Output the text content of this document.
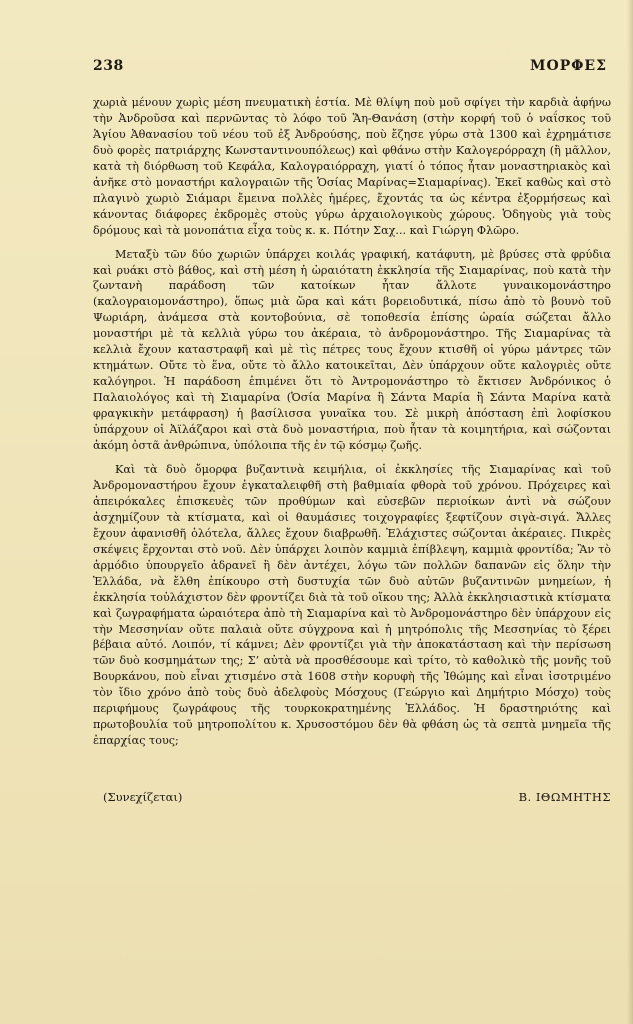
238	ΜΟΡΦΕΣ

χωριὰ μένουν χωρὶς μέση πνευματικὴ ἑστία. Μὲ θλίψη ποὺ μοῦ σφίγει τὴν καρδιὰ ἀφήνω τὴν Ἀνδροῦσα καὶ περνῶντας τὸ λόφο τοῦ Ἅη-Θανάση (στὴν κορφή τοῦ ὁ ναΐσκος τοῦ Ἁγίου Ἀθανασίου τοῦ νέου τοῦ ἐξ Ἀνδρούσης, ποὺ ἔζησε γύρω στὰ 1300 καὶ ἐχρημάτισε δυὸ φορὲς πατριάρχης Κωνσταντινουπόλεως) καὶ φθάνω στὴν Καλογερόρραχη (ἢ μᾶλλον, κατὰ τὴ διόρθωση τοῦ Κεφάλα, Καλογραιόρραχη, γιατί ὁ τόπος ἦταν μοναστηριακὸς καὶ ἀνῆκε στὸ μοναστήρι καλογραιῶν τῆς Ὁσίας Μαρίνας=Σιαμαρίνας). Ἐκεῖ καθὼς καὶ στὸ πλαγινὸ χωριὸ Σιάμαρι ἔμεινα πολλὲς ἡμέρες, ἔχοντάς τα ὡς κέντρα ἐξορμήσεως καὶ κάνοντας διάφορες ἐκδρομὲς στοὺς γύρω ἀρχαιολογικοὺς χώρους. Ὁδηγοὺς γιὰ τοὺς δρόμους καὶ τὰ μονοπάτια εἶχα τοὺς κ. κ. Πότην Σαχ... καὶ Γιώργη Φλῶρο.

Μεταξὺ τῶν δύο χωριῶν ὑπάρχει κοιλάς γραφική, κατάφυτη, μὲ βρύσες στὰ φρύδια καὶ ρυάκι στὸ βάθος, καὶ στὴ μέση ἡ ὡραιότατη ἐκκλησία τῆς Σιαμαρίνας, ποὺ κατὰ τὴν ζωντανὴ παράδοση τῶν κατοίκων ἦταν ἄλλοτε γυναικομονάστηρο (καλογραιομονάστηρο), ὅπως μιὰ ὥρα καὶ κάτι βορειοδυτικά, πίσω ἀπὸ τὸ βουνὸ τοῦ Ψωριάρη, ἀνάμεσα στὰ κοντοβούνια, σὲ τοποθεσία ἐπίσης ὡραία σώζεται ἄλλο μοναστήρι μὲ τὰ κελλιὰ γύρω του ἀκέραια, τὸ ἀνδρομονάστηρο. Τῆς Σιαμαρίνας τὰ κελλιὰ ἔχουν καταστραφῆ καὶ μὲ τὶς πέτρες τους ἔχουν κτισθῆ οἱ γύρω μάντρες τῶν κτημάτων. Οὔτε τὸ ἕνα, οὔτε τὸ ἄλλο κατοικεῖται, Δὲν ὑπάρχουν οὔτε καλογριὲς οὔτε καλόγηροι. Ἡ παράδοση ἐπιμένει ὅτι τὸ Ἀντρομονάστηρο τὸ ἔκτισεν Ἀνδρόνικος ὁ Παλαιολόγος καὶ τὴ Σιαμαρίνα (Ὁσία Μαρίνα ἢ Σάντα Μαρία ἢ Σάντα Μαρίνα κατὰ φραγκικὴν μετάφραση) ἡ βασίλισσα γυναῖκα του. Σὲ μικρὴ ἀπόσταση ἐπὶ λοφίσκου ὑπάρχουν οἱ Ἀϊλάζαροι καὶ στὰ δυὸ μοναστήρια, ποὺ ἦταν τὰ κοιμητήρια, καὶ σώζονται ἀκόμη ὀστᾶ ἀνθρώπινα, ὑπόλοιπα τῆς ἐν τῷ κόσμῳ ζωῆς.

Καὶ τὰ δυὸ ὄμορφα βυζαντινὰ κειμήλια, οἱ ἐκκλησίες τῆς Σιαμαρίνας καὶ τοῦ Ἀνδρομοναστήρου ἔχουν ἐγκαταλειφθῆ στὴ βαθμιαία φθορὰ τοῦ χρόνου. Πρόχειρες καὶ ἀπειρόκαλες ἐπισκευὲς τῶν προθύμων καὶ εὐσεβῶν περιοίκων ἀντὶ νὰ σώζουν ἀσχημίζουν τὰ κτίσματα, καὶ οἱ θαυμάσιες τοιχογραφίες ξεφτίζουν σιγὰ-σιγά. Ἄλλες ἔχουν ἀφανισθῆ ὁλότελα, ἄλλες ἔχουν διαβρωθῆ. Ἐλάχιστες σώζονται ἀκέραιες. Πικρὲς σκέψεις ἔρχονται στὸ νοῦ. Δὲν ὑπάρχει λοιπὸν καμμιὰ ἐπίβλεψη, καμμιὰ φροντίδα; Ἂν τὸ ἁρμόδιο ὑπουργεῖο ἀδρανεῖ ἢ δὲν ἀντέχει, λόγω τῶν πολλῶν δαπανῶν εἰς ὅλην τὴν Ἑλλάδα, νὰ ἔλθη ἐπίκουρο στὴ δυστυχία τῶν δυὸ αὐτῶν βυζαντινῶν μνημείων, ἡ ἐκκλησία τοὐλάχιστον δὲν φροντίζει διὰ τὰ τοῦ οἴκου της; Ἀλλὰ ἐκκλησιαστικὰ κτίσματα καὶ ζωγραφήματα ὡραιότερα ἀπὸ τὴ Σιαμαρίνα καὶ τὸ Ἀνδρομονάστηρο δὲν ὑπάρχουν εἰς τὴν Μεσσηνίαν οὔτε παλαιὰ οὔτε σύγχρονα καὶ ἡ μητρόπολις τῆς Μεσσηνίας τὸ ξέρει βέβαια αὐτό. Λοιπόν, τί κάμνει; Δὲν φροντίζει γιὰ τὴν ἀποκατάσταση καὶ τὴν περίσωση τῶν δυὸ κοσμημάτων της; Σ’ αὐτὰ νὰ προσθέσουμε καὶ τρίτο, τὸ καθολικὸ τῆς μονῆς τοῦ Βουρκάνου, ποὺ εἶναι χτισμένο στὰ 1608 στὴν κορυφὴ τῆς Ἰθώμης καὶ εἶναι ἰσοτριμένο τὸν ἴδιο χρόνο ἀπὸ τοὺς δυὸ ἀδελφοὺς Μόσχους (Γεώργιο καὶ Δημήτριο Μόσχο) τοὺς περιφήμους ζωγράφους τῆς τουρκοκρατημένης Ἑλλάδος. Ἡ δραστηριότης καὶ πρωτοβουλία τοῦ μητροπολίτου κ. Χρυσοστόμου δὲν θὰ φθάση ὡς τὰ σεπτὰ μνημεῖα τῆς ἐπαρχίας τους;

(Συνεχίζεται)	Β. ΙΘΩΜΗΤΗΣ
